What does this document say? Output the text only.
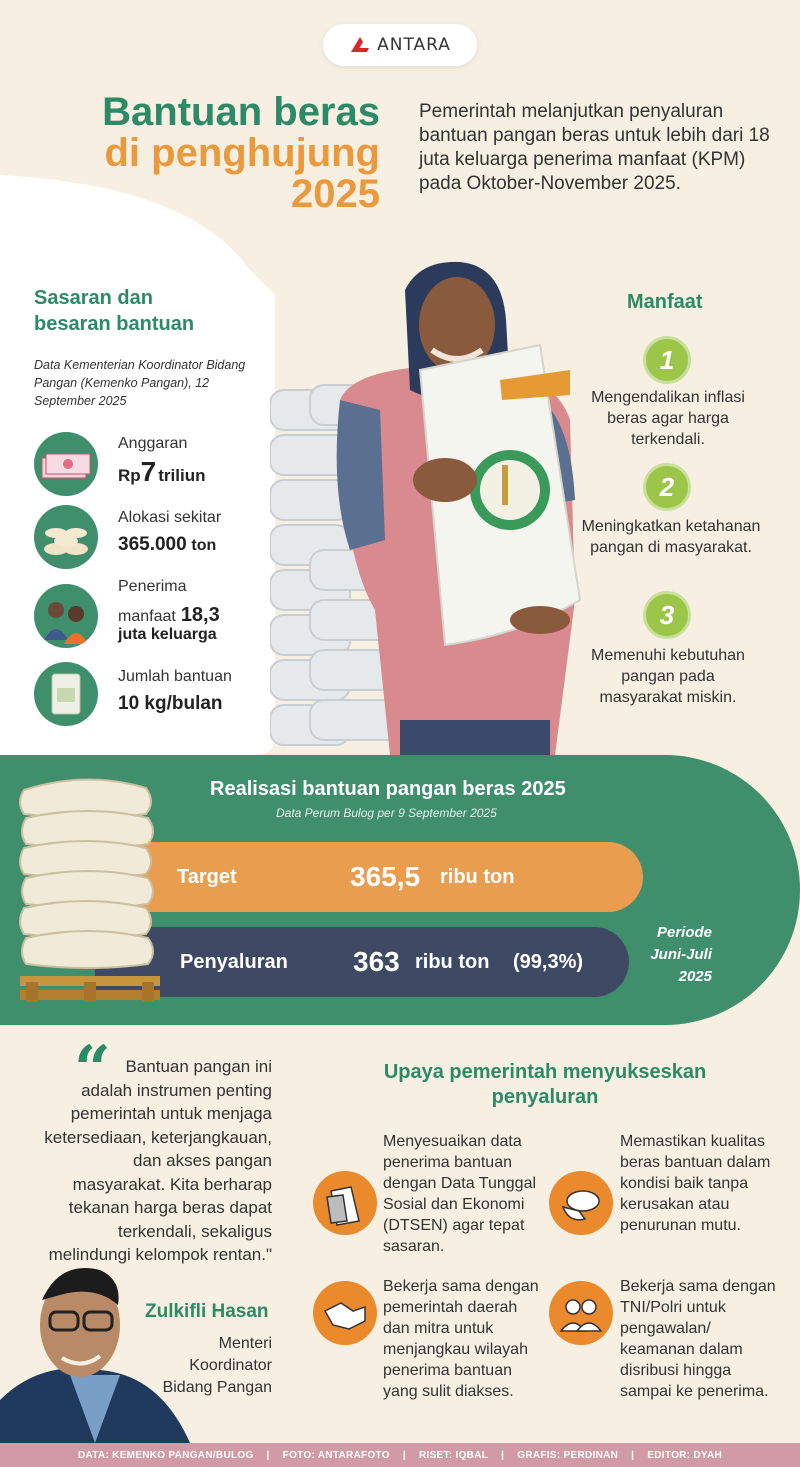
ANTARA
Bantuan beras
di penghujung
2025
Pemerintah melanjutkan penyaluran bantuan pangan beras untuk lebih dari 18 juta keluarga penerima manfaat (KPM) pada Oktober-November 2025.
Sasaran dan
besaran bantuan
Data Kementerian Koordinator Bidang Pangan (Kemenko Pangan), 12 September 2025
Anggaran
Rp 7 triliun
Alokasi sekitar
365.000 ton
Penerima
manfaat 18,3
juta keluarga
Jumlah bantuan
10 kg/bulan
Manfaat
1
Mengendalikan inflasi beras agar harga terkendali.
2
Meningkatkan ketahanan pangan di masyarakat.
3
Memenuhi kebutuhan pangan pada masyarakat miskin.
Realisasi bantuan pangan beras 2025
Data Perum Bulog per 9 September 2025
Target	365,5 ribu ton
Penyaluran 363 ribu ton (99,3%)
Periode Juni-Juli 2025
“ Bantuan pangan ini adalah instrumen penting pemerintah untuk menjaga ketersediaan, keterjangkauan, dan akses pangan masyarakat. Kita berharap tekanan harga beras dapat terkendali, sekaligus melindungi kelompok rentan."
Zulkifli Hasan
Menteri Koordinator Bidang Pangan
Upaya pemerintah menyukseskan penyaluran
Menyesuaikan data penerima bantuan dengan Data Tunggal Sosial dan Ekonomi (DTSEN) agar tepat sasaran.
Memastikan kualitas beras bantuan dalam kondisi baik tanpa kerusakan atau penurunan mutu.
Bekerja sama dengan pemerintah daerah dan mitra untuk menjangkau wilayah penerima bantuan yang sulit diakses.
Bekerja sama dengan TNI/Polri untuk pengawalan/ keamanan dalam disribusi hingga sampai ke penerima.
DATA: KEMENKO PANGAN/BULOG | FOTO: ANTARAFOTO | RISET: IQBAL | GRAFIS: PERDINAN | EDITOR: DYAH
